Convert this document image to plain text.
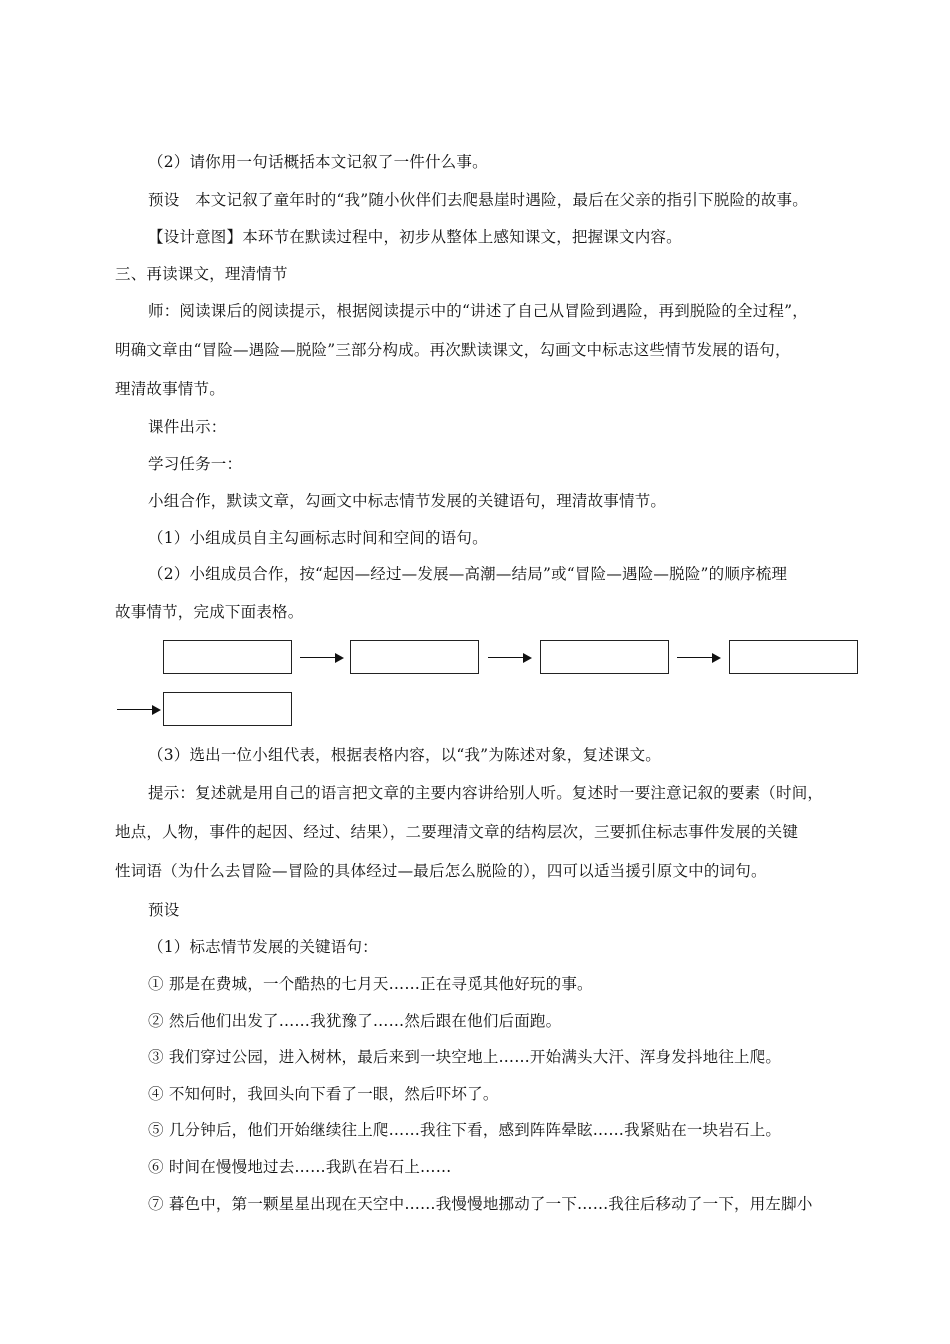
（2）请你用一句话概括本文记叙了一件什么事。
预设　本文记叙了童年时的“我”随小伙伴们去爬悬崖时遇险，最后在父亲的指引下脱险的故事。
【设计意图】本环节在默读过程中，初步从整体上感知课文，把握课文内容。
三、再读课文，理清情节
师：阅读课后的阅读提示，根据阅读提示中的“讲述了自己从冒险到遇险，再到脱险的全过程”，
明确文章由“冒险—遇险—脱险”三部分构成。再次默读课文，勾画文中标志这些情节发展的语句，
理清故事情节。
课件出示：
学习任务一：
小组合作，默读文章，勾画文中标志情节发展的关键语句，理清故事情节。
（1）小组成员自主勾画标志时间和空间的语句。
（2）小组成员合作，按“起因—经过—发展—高潮—结局”或“冒险—遇险—脱险”的顺序梳理
故事情节，完成下面表格。
（3）选出一位小组代表，根据表格内容，以“我”为陈述对象，复述课文。
提示：复述就是用自己的语言把文章的主要内容讲给别人听。复述时一要注意记叙的要素（时间，
地点，人物，事件的起因、经过、结果），二要理清文章的结构层次，三要抓住标志事件发展的关键
性词语（为什么去冒险—冒险的具体经过—最后怎么脱险的），四可以适当援引原文中的词句。
预设
（1）标志情节发展的关键语句：
① 那是在费城，一个酷热的七月天……正在寻觅其他好玩的事。
② 然后他们出发了……我犹豫了……然后跟在他们后面跑。
③ 我们穿过公园，进入树林，最后来到一块空地上……开始满头大汗、浑身发抖地往上爬。
④ 不知何时，我回头向下看了一眼，然后吓坏了。
⑤ 几分钟后，他们开始继续往上爬……我往下看，感到阵阵晕眩……我紧贴在一块岩石上。
⑥ 时间在慢慢地过去……我趴在岩石上……
⑦ 暮色中，第一颗星星出现在天空中……我慢慢地挪动了一下……我往后移动了一下，用左脚小
